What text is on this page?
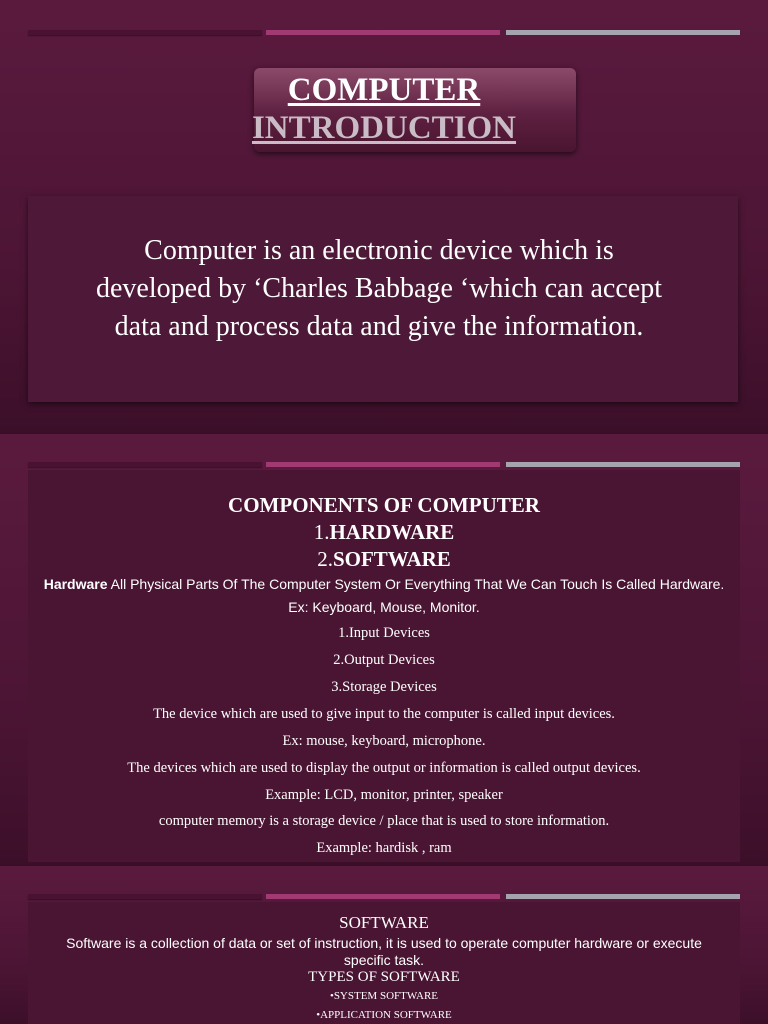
COMPUTER
INTRODUCTION
Computer is an electronic device which is
developed by ‘Charles Babbage ‘which can accept
data and process data and give the information.
COMPONENTS OF COMPUTER
1.HARDWARE
2.SOFTWARE
Hardware All Physical Parts Of The Computer System Or Everything That We Can Touch Is Called Hardware.
Ex: Keyboard, Mouse, Monitor.
1.Input Devices
2.Output Devices
3.Storage Devices
The device which are used to give input to the computer is called input devices.
Ex: mouse, keyboard, microphone.
The devices which are used to display the output or information is called output devices.
Example: LCD, monitor, printer, speaker
computer memory is a storage device / place that is used to store information.
Example: hardisk , ram
SOFTWARE
Software is a collection of data or set of instruction, it is used to operate computer hardware or execute
specific task.
TYPES OF SOFTWARE
•SYSTEM SOFTWARE
•APPLICATION SOFTWARE
